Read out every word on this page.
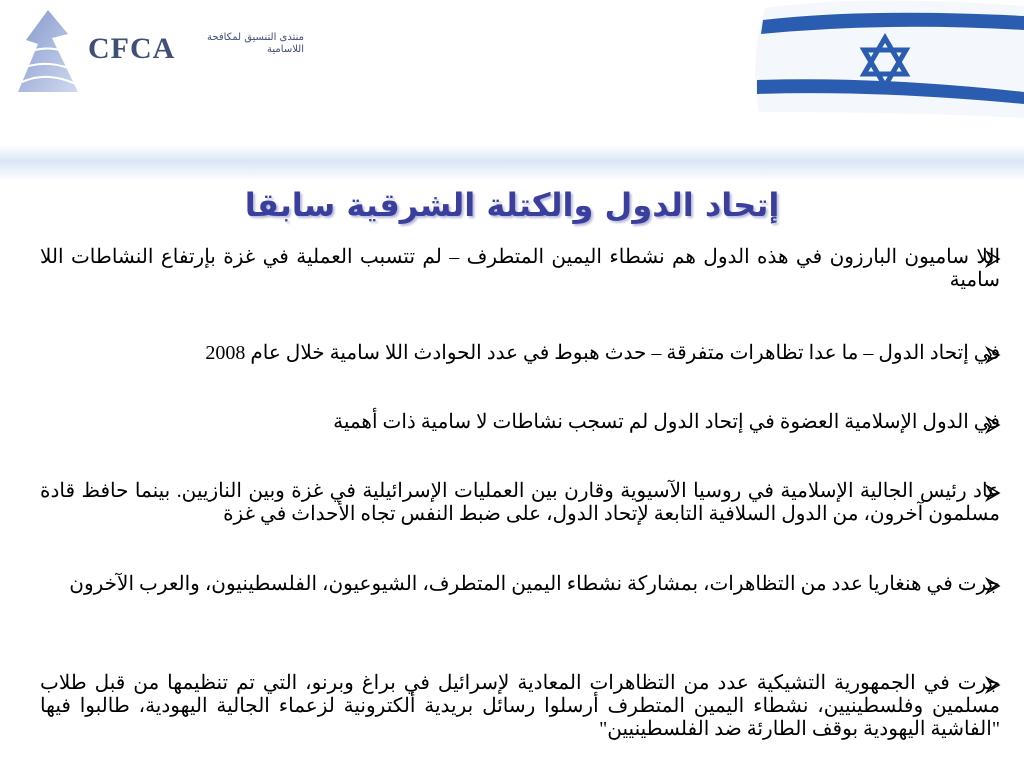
CFCA	منتدى التنسيق لمكافحة اللاسامية
إتحاد الدول والكتلة الشرقية سابقا
اللا ساميون البارزون في هذه الدول هم نشطاء اليمين المتطرف – لم تتسبب العملية في غزة بإرتفاع النشاطات اللا سامية
في إتحاد الدول – ما عدا تظاهرات متفرقة – حدث هبوط في عدد الحوادث اللا سامية خلال عام 2008
في الدول الإسلامية العضوة في إتحاد الدول لم تسجب نشاطات لا سامية ذات أهمية
عاد رئيس الجالية الإسلامية في روسيا الآسيوية وقارن بين العمليات الإسرائيلية في غزة وبين النازيين. بينما حافظ قادة مسلمون آخرون، من الدول السلافية التابعة لإتحاد الدول، على ضبط النفس تجاه الأحداث في غزة
جرت في هنغاريا عدد من التظاهرات، بمشاركة نشطاء اليمين المتطرف، الشيوعيون، الفلسطينيون، والعرب الآخرون
جرت في الجمهورية التشيكية عدد من التظاهرات المعادية لإسرائيل في براغ وبرنو، التي تم تنظيمها من قبل طلاب مسلمين وفلسطينيين، نشطاء اليمين المتطرف أرسلوا رسائل بريدية ألكترونية لزعماء الجالية اليهودية، طالبوا فيها "الفاشية اليهودية بوقف الطارئة ضد الفلسطينيين"
